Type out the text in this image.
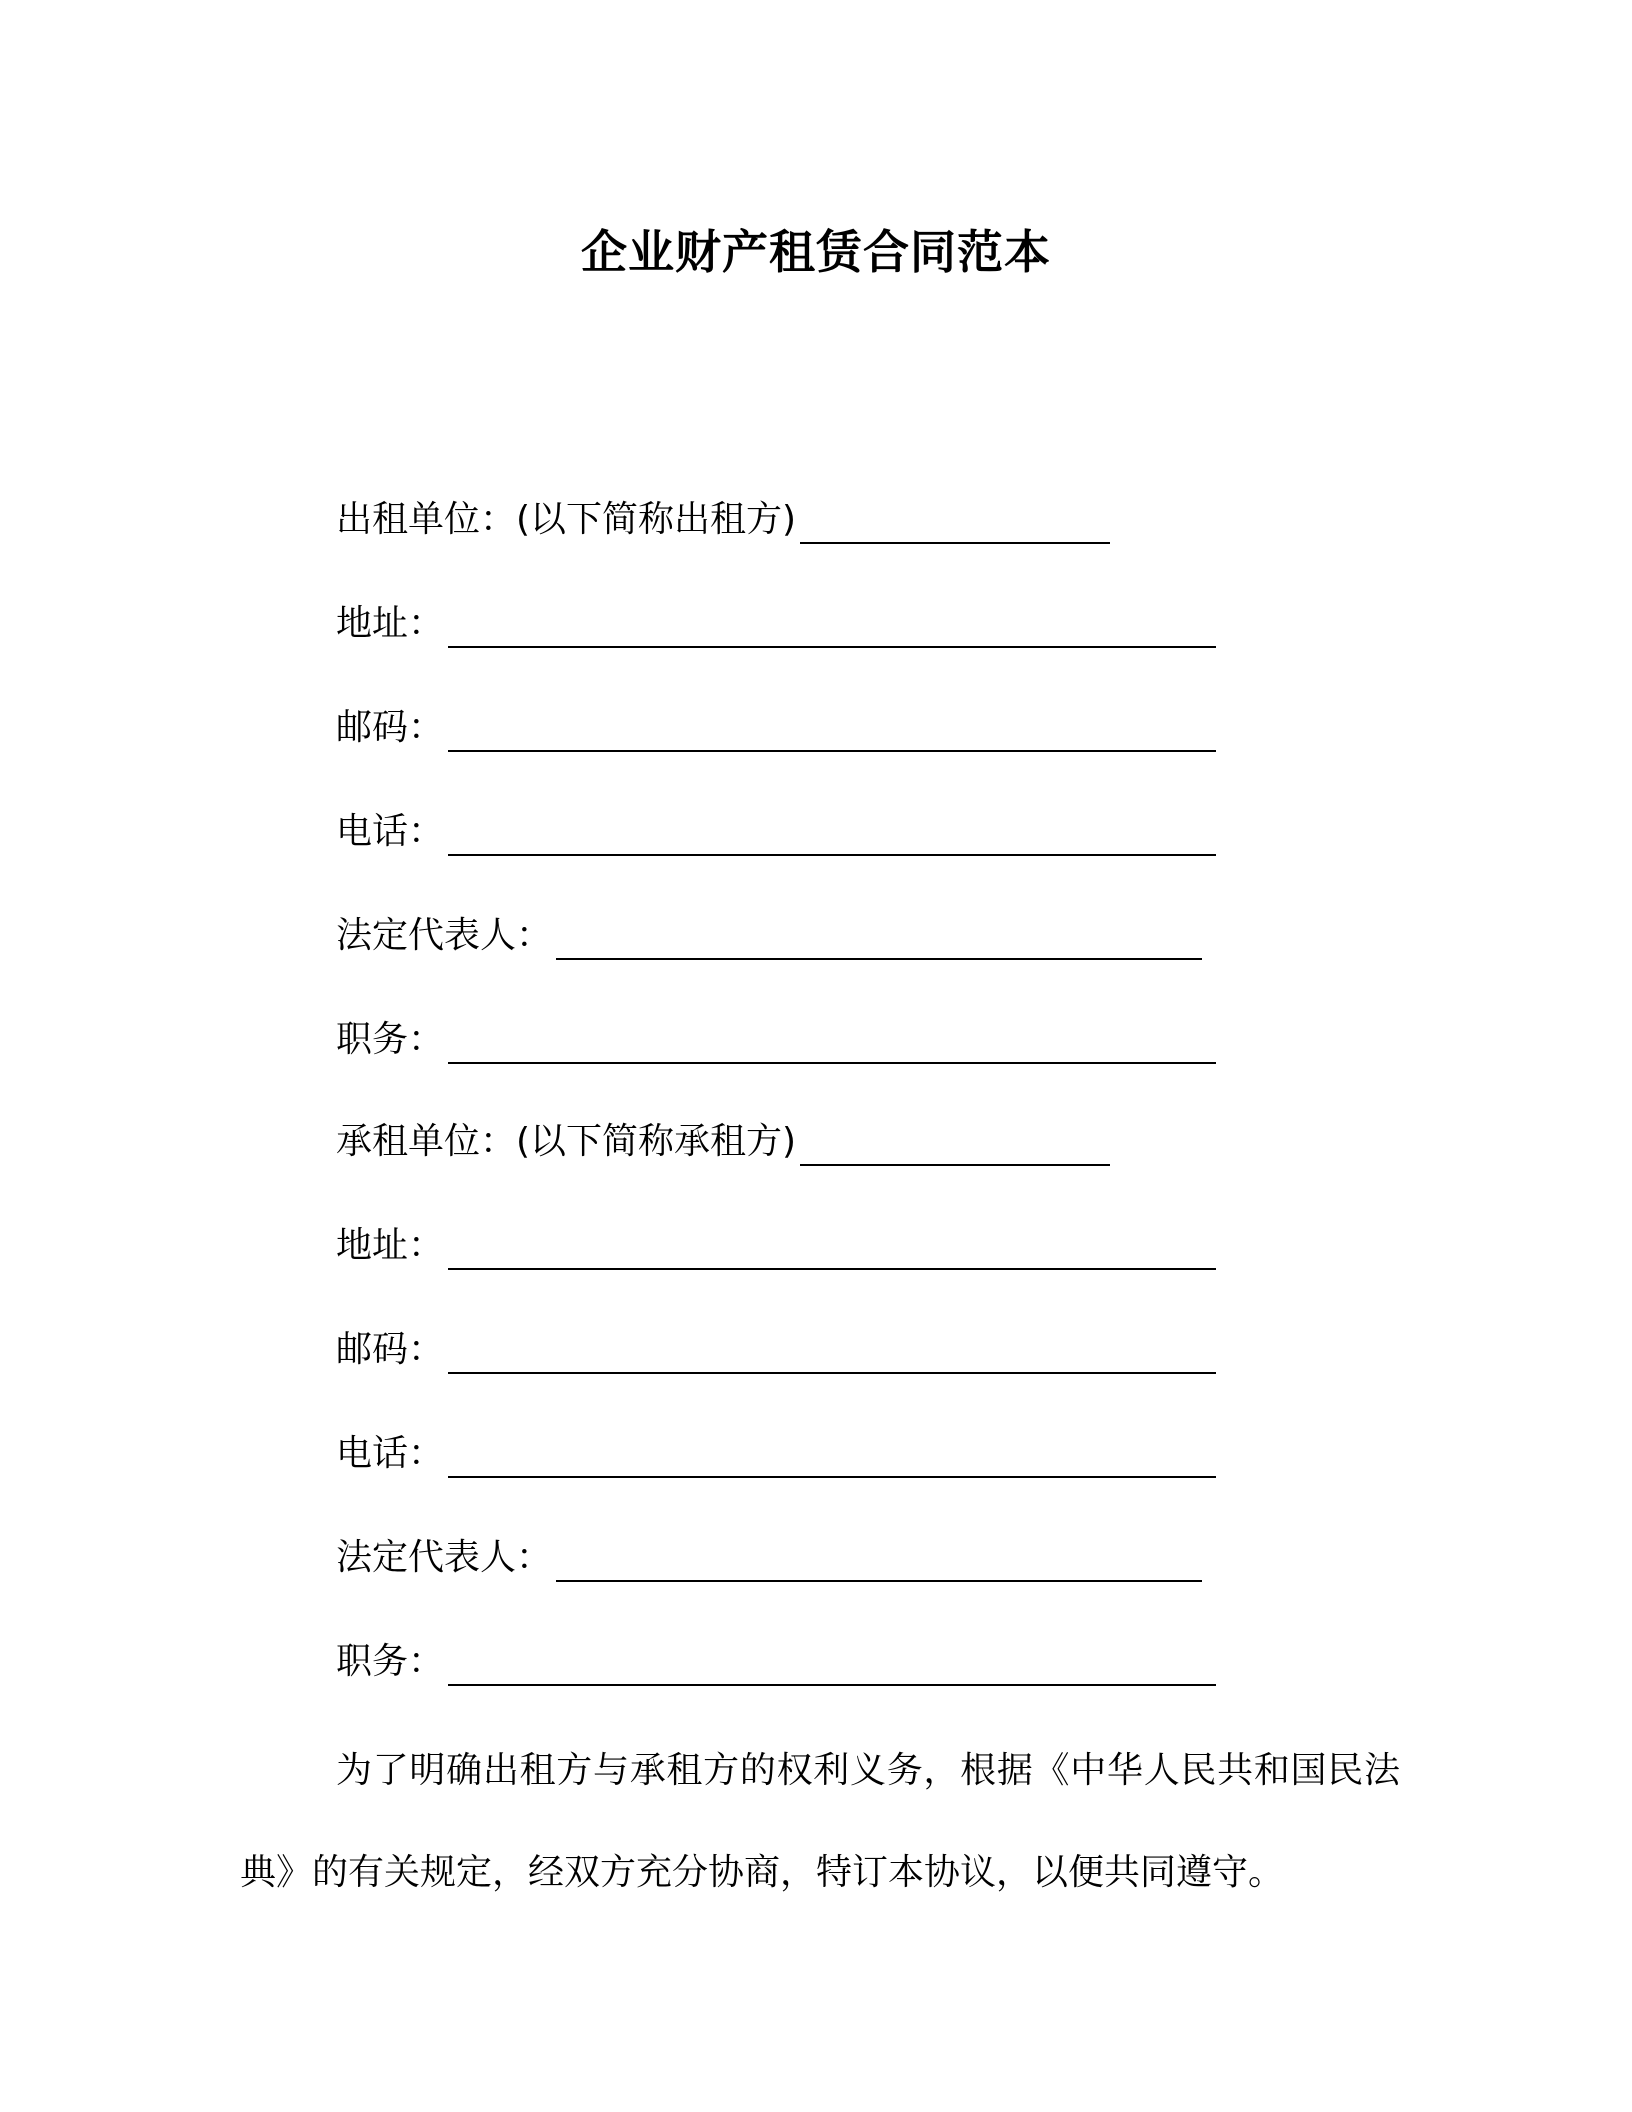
企业财产租赁合同范本
出租单位：(以下简称出租方)
地址：
邮码：
电话：
法定代表人：
职务：
承租单位：(以下简称承租方)
地址：
邮码：
电话：
法定代表人：
职务：
为了明确出租方与承租方的权利义务，根据《中华人民共和国民法典》的有关规定，经双方充分协商，特订本协议，以便共同遵守。
